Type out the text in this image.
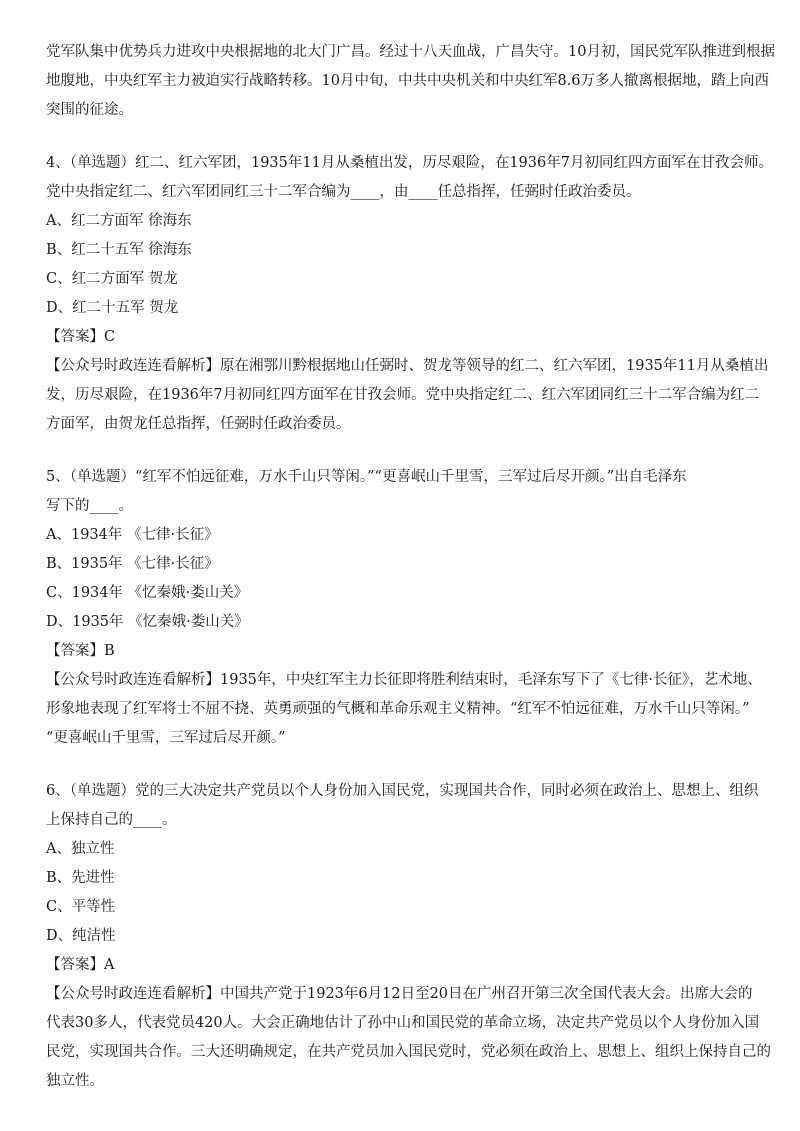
党军队集中优势兵力进攻中央根据地的北大门广昌。经过十八天血战，广昌失守。10月初，国民党军队推进到根据
地腹地，中央红军主力被迫实行战略转移。10月中旬，中共中央机关和中央红军8.6万多人撤离根据地，踏上向西
突围的征途。

4、（单选题）红二、红六军团，1935年11月从桑植出发，历尽艰险，在1936年7月初同红四方面军在甘孜会师。
党中央指定红二、红六军团同红三十二军合编为____，由____任总指挥，任弼时任政治委员。

A、红二方面军 徐海东

B、红二十五军 徐海东

C、红二方面军 贺龙

D、红二十五军 贺龙

【答案】C

【公众号时政连连看解析】原在湘鄂川黔根据地山任弼时、贺龙等领导的红二、红六军团，1935年11月从桑植出
发，历尽艰险，在1936年7月初同红四方面军在甘孜会师。党中央指定红二、红六军团同红三十二军合编为红二
方面军，由贺龙任总指挥，任弼时任政治委员。

5、（单选题）“红军不怕远征难，万水千山只等闲。”“更喜岷山千里雪，三军过后尽开颜。”出自毛泽东
写下的____。

A、1934年 《七律·长征》

B、1935年 《七律·长征》

C、1934年 《忆秦娥·娄山关》

D、1935年 《忆秦娥·娄山关》

【答案】B

【公众号时政连连看解析】1935年，中央红军主力长征即将胜利结束时，毛泽东写下了《七律·长征》，艺术地、
形象地表现了红军将士不屈不挠、英勇顽强的气概和革命乐观主义精神。“红军不怕远征难，万水千山只等闲。”
“更喜岷山千里雪，三军过后尽开颜。”

6、（单选题）党的三大决定共产党员以个人身份加入国民党，实现国共合作，同时必须在政治上、思想上、组织
上保持自己的____。

A、独立性

B、先进性

C、平等性

D、纯洁性

【答案】A

【公众号时政连连看解析】中国共产党于1923年6月12日至20日在广州召开第三次全国代表大会。出席大会的
代表30多人，代表党员420人。大会正确地估计了孙中山和国民党的革命立场，决定共产党员以个人身份加入国
民党，实现国共合作。三大还明确规定，在共产党员加入国民党时，党必须在政治上、思想上、组织上保持自己的
独立性。
